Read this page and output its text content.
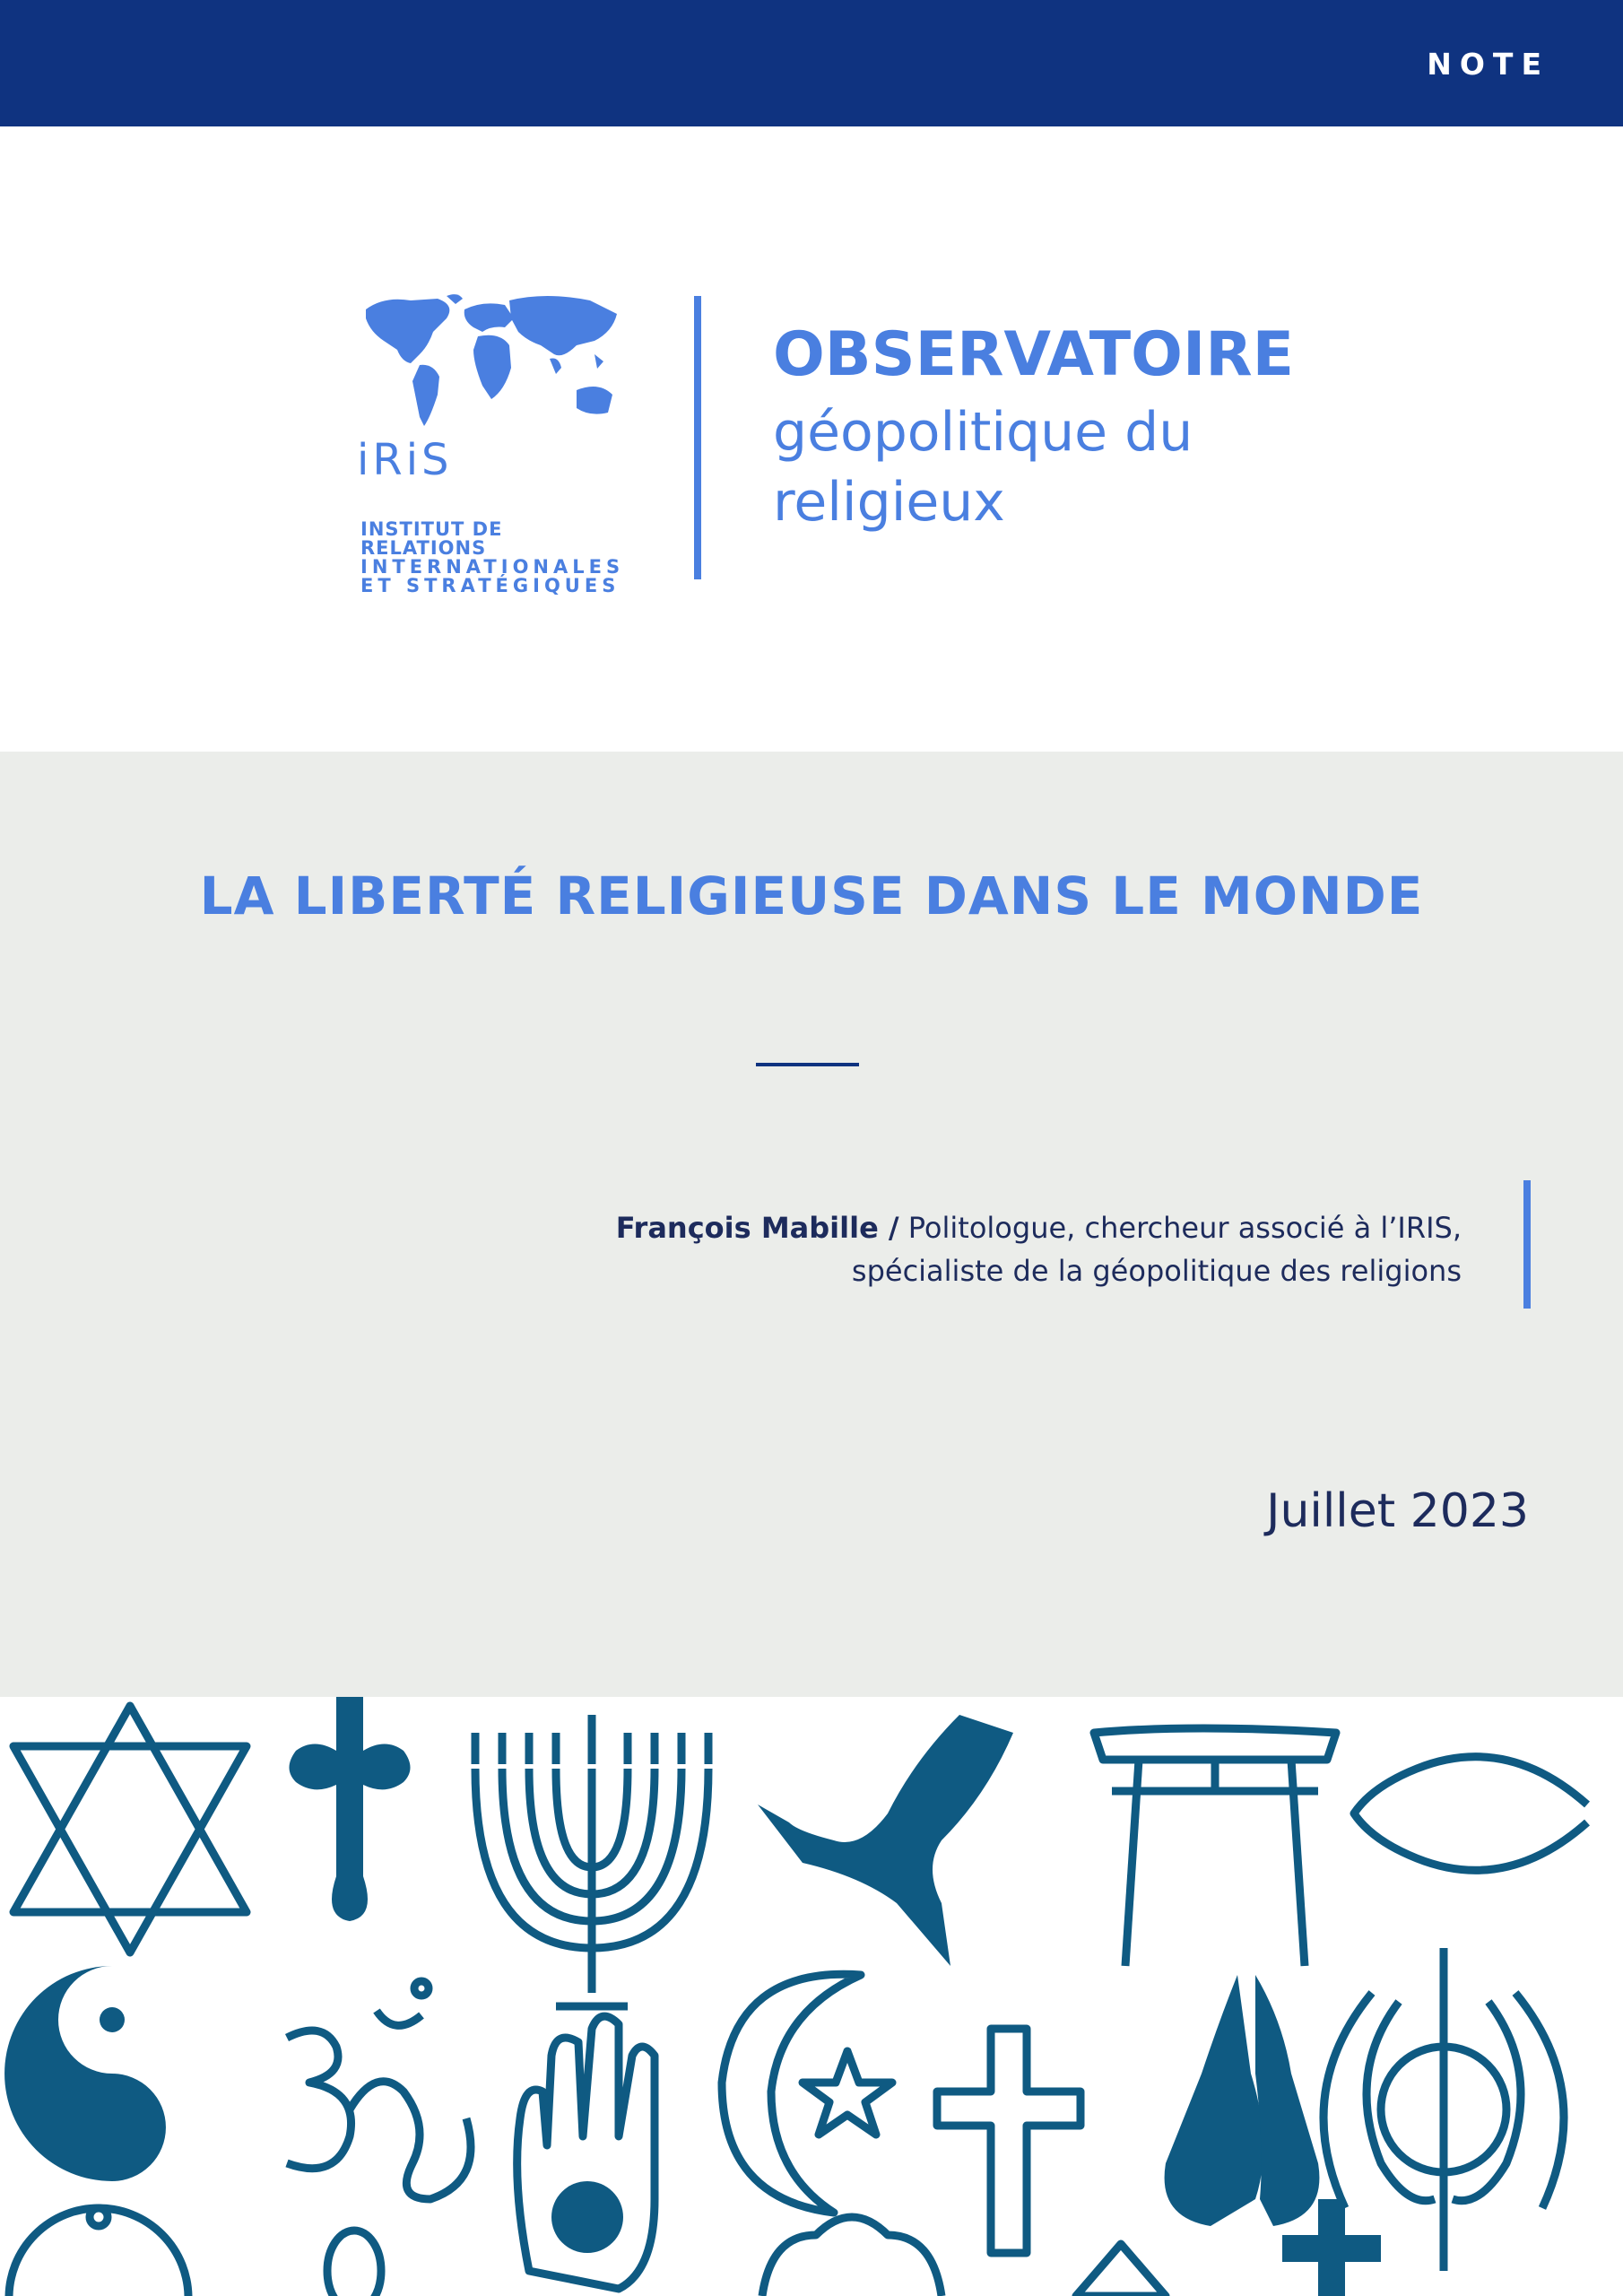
NOTE
iRiS
INSTITUT DE RELATIONS
INTERNATIONALES
ET STRATÉGIQUES
OBSERVATOIRE
géopolitique du
religieux
LA LIBERTÉ RELIGIEUSE DANS LE MONDE
François Mabille / Politologue, chercheur associé à l’IRIS,
spécialiste de la géopolitique des religions
Juillet 2023
